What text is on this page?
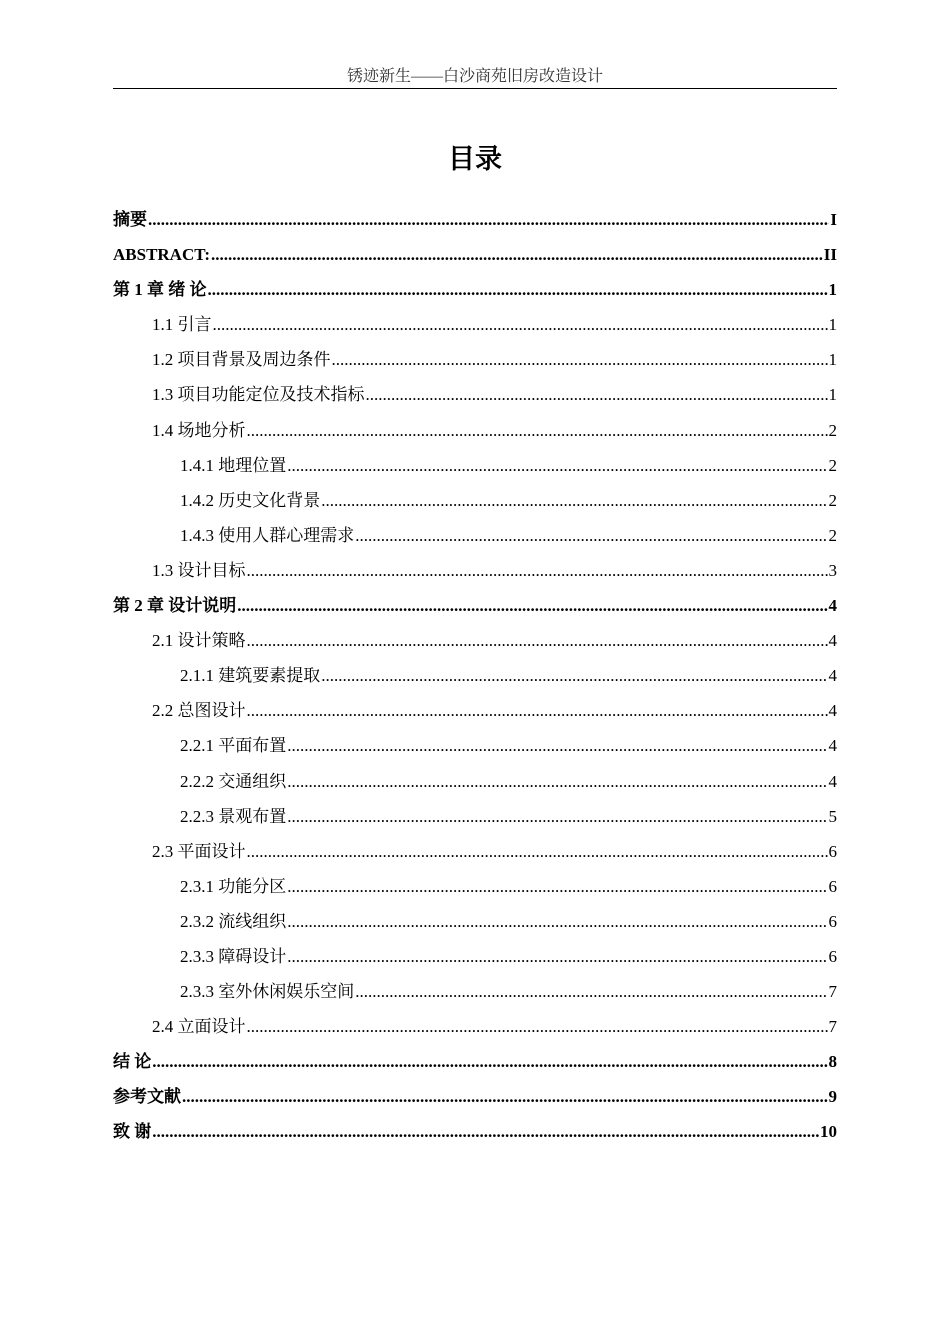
锈迹新生——白沙商苑旧房改造设计
目录
摘要 .....	I
ABSTRACT: .....	II
第 1 章 绪 论 .....	1
1.1 引言 .....	1
1.2 项目背景及周边条件 .....	1
1.3 项目功能定位及技术指标 .....	1
1.4 场地分析 .....	2
1.4.1 地理位置 .....	2
1.4.2 历史文化背景 .....	2
1.4.3 使用人群心理需求 .....	2
1.3 设计目标 .....	3
第 2 章 设计说明 .....	4
2.1 设计策略 .....	4
2.1.1 建筑要素提取 .....	4
2.2 总图设计 .....	4
2.2.1 平面布置 .....	4
2.2.2 交通组织 .....	4
2.2.3 景观布置 .....	5
2.3 平面设计 .....	6
2.3.1 功能分区 .....	6
2.3.2 流线组织 .....	6
2.3.3 障碍设计 .....	6
2.3.3 室外休闲娱乐空间 .....	7
2.4 立面设计 .....	7
结 论 .....	8
参考文献 .....	9
致 谢 .....	10
